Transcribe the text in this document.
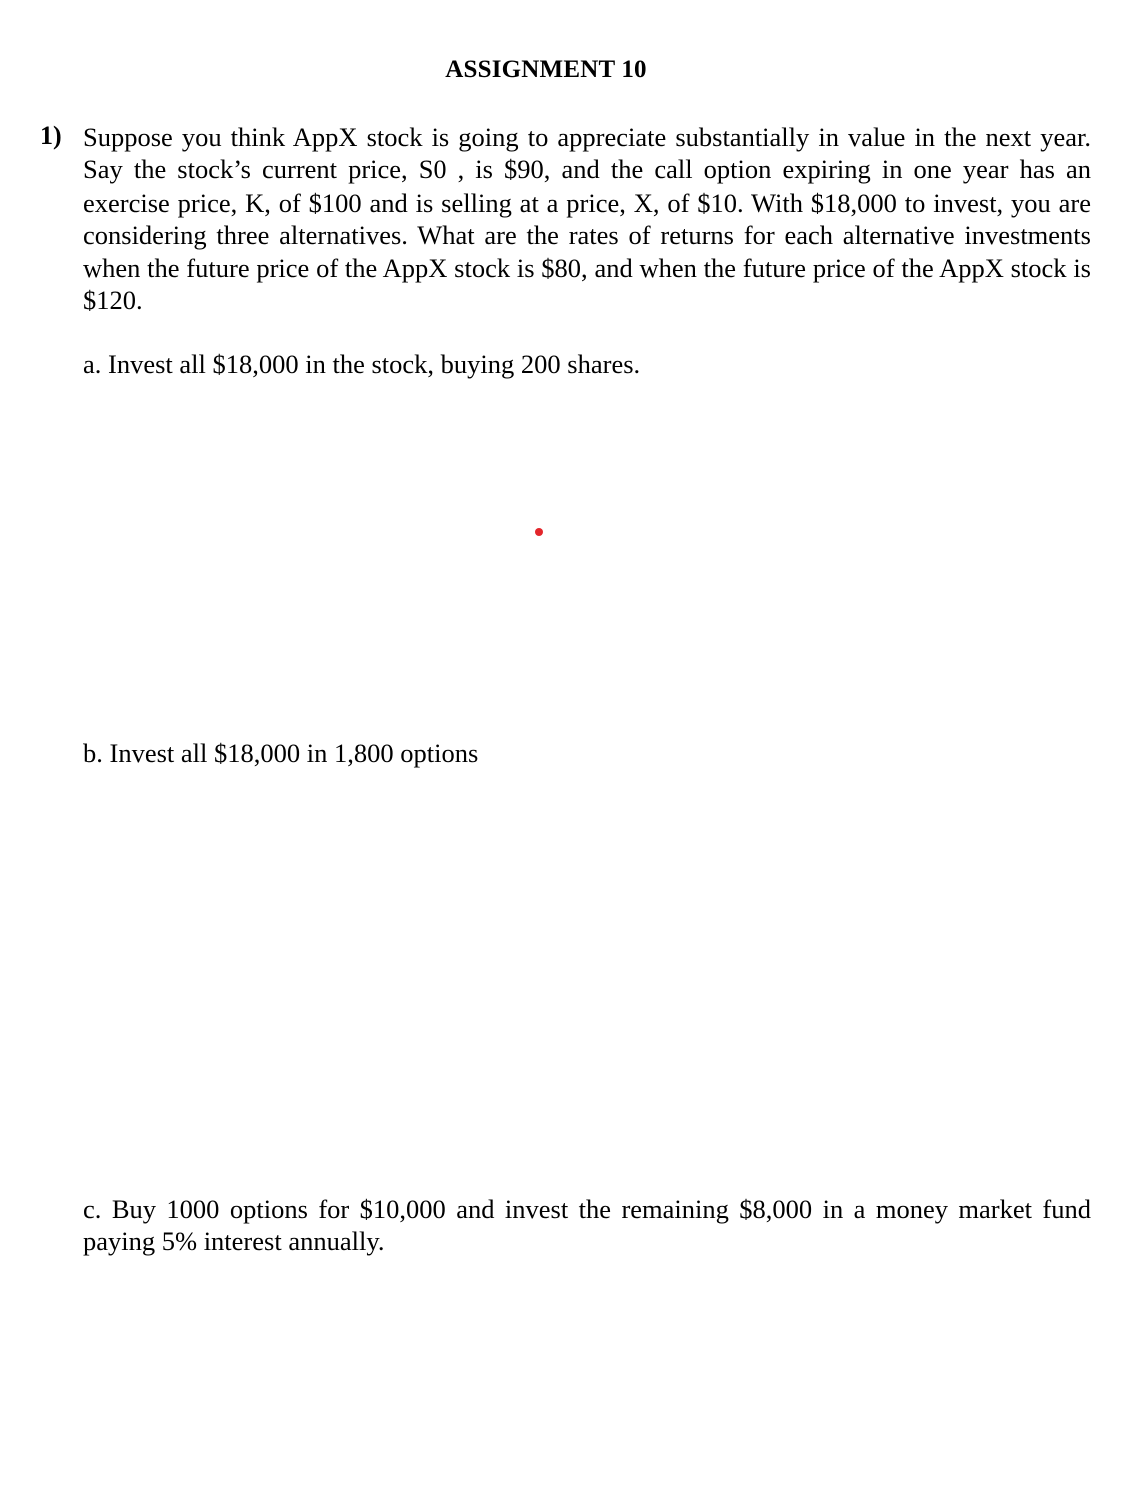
ASSIGNMENT 10
1) Suppose you think AppX stock is going to appreciate substantially in value in the next year. Say the stock’s current price, S0 , is $90, and the call option expiring in one year has an exercise price, K, of $100 and is selling at a price, X, of $10. With $18,000 to invest, you are considering three alternatives. What are the rates of returns for each alternative investments when the future price of the AppX stock is $80, and when the future price of the AppX stock is $120.
a. Invest all $18,000 in the stock, buying 200 shares.
b. Invest all $18,000 in 1,800 options
c. Buy 1000 options for $10,000 and invest the remaining $8,000 in a money market fund paying 5% interest annually.
